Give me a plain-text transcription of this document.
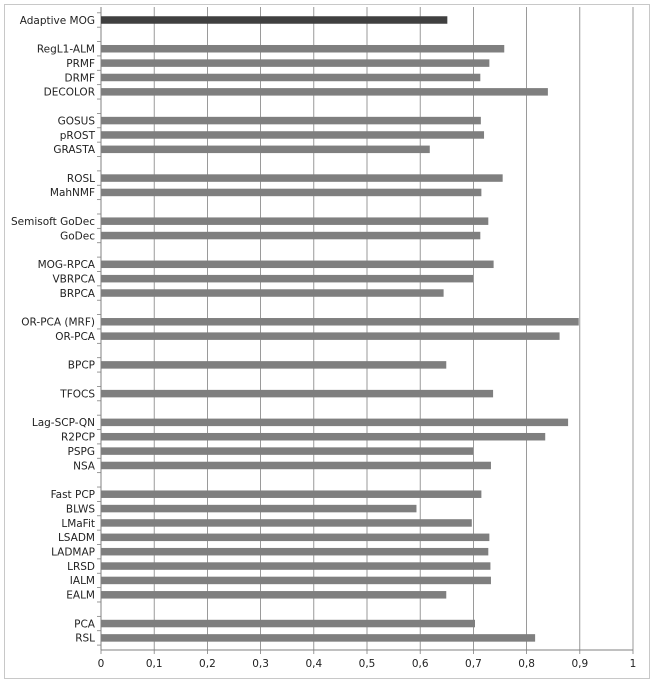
0	0,1	0,2	0,3	0,4	0,5	0,6	0,7	0,8	0,9	1
Adaptive MOG
RegL1-ALM
PRMF
DRMF
DECOLOR
GOSUS
pROST
GRASTA
ROSL
MahNMF
Semisoft GoDec
GoDec
MOG-RPCA
VBRPCA
BRPCA
OR-PCA (MRF)
OR-PCA
BPCP
TFOCS
Lag-SCP-QN
R2PCP
PSPG
NSA
Fast PCP
BLWS
LMaFit
LSADM
LADMAP
LRSD
IALM
EALM
PCA
RSL
